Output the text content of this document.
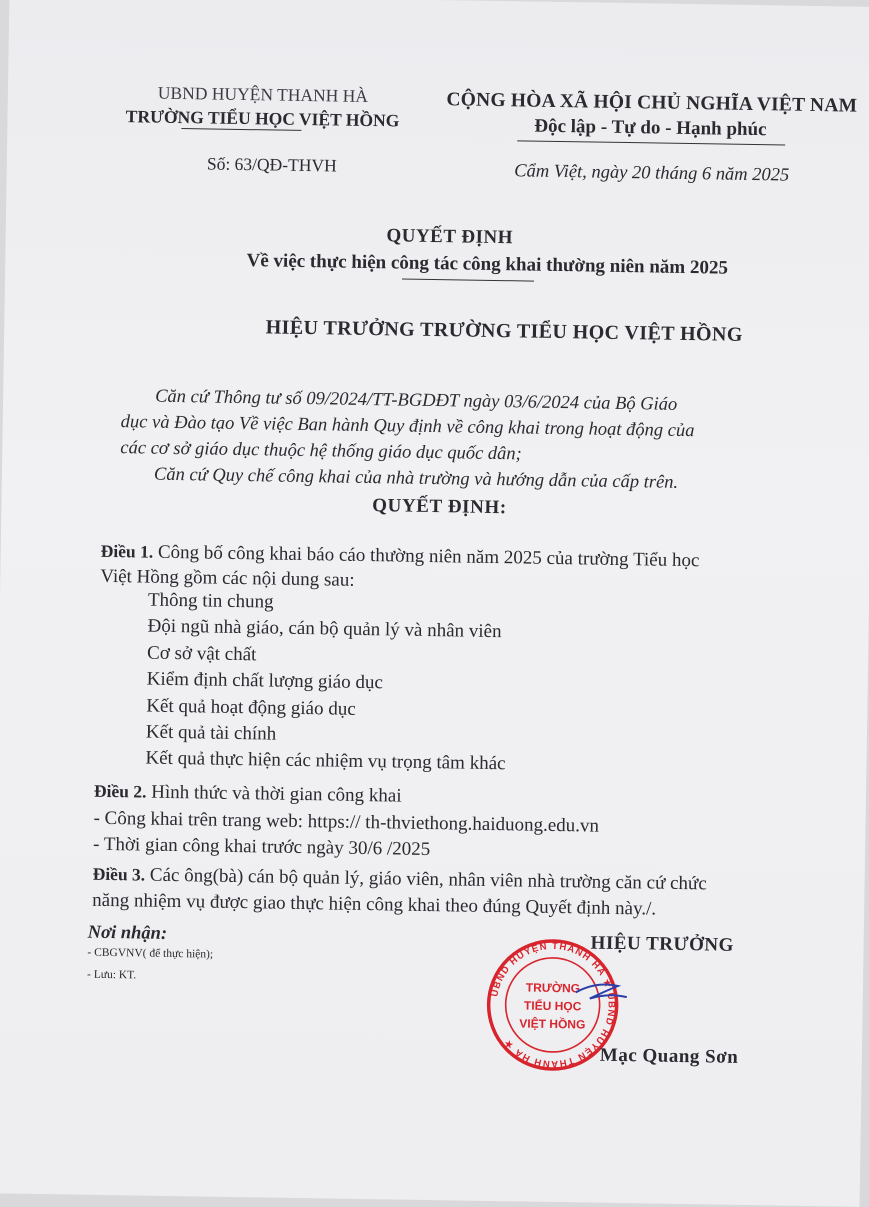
UBND HUYỆN THANH HÀ
TRƯỜNG TIỂU HỌC VIỆT HỒNG
Số: 63/QĐ-THVH
CỘNG HÒA XÃ HỘI CHỦ NGHĨA VIỆT NAM
Độc lập - Tự do - Hạnh phúc
Cẩm Việt, ngày 20 tháng 6 năm 2025
QUYẾT ĐỊNH
Về việc thực hiện công tác công khai thường niên năm 2025
HIỆU TRƯỞNG TRƯỜNG TIỂU HỌC VIỆT HỒNG
Căn cứ Thông tư số 09/2024/TT-BGDĐT ngày 03/6/2024 của Bộ Giáo
dục và Đào tạo Về việc Ban hành Quy định về công khai trong hoạt động của
các cơ sở giáo dục thuộc hệ thống giáo dục quốc dân;
Căn cứ Quy chế công khai của nhà trường và hướng dẫn của cấp trên.
QUYẾT ĐỊNH:
Điều 1. Công bố công khai báo cáo thường niên năm 2025 của trường Tiểu học
Việt Hồng gồm các nội dung sau:
Thông tin chung
Đội ngũ nhà giáo, cán bộ quản lý và nhân viên
Cơ sở vật chất
Kiểm định chất lượng giáo dục
Kết quả hoạt động giáo dục
Kết quả tài chính
Kết quả thực hiện các nhiệm vụ trọng tâm khác
Điều 2. Hình thức và thời gian công khai
- Công khai trên trang web: https:// th-thviethong.haiduong.edu.vn
- Thời gian công khai trước ngày 30/6 /2025
Điều 3. Các ông(bà) cán bộ quản lý, giáo viên, nhân viên nhà trường căn cứ chức
năng nhiệm vụ được giao thực hiện công khai theo đúng Quyết định này./.
Nơi nhận:
- CBGVNV( để thực hiện);
- Lưu: KT.
HIỆU TRƯỞNG
UBND HUYỆN THANH HÀ ★ UBND HUYỆN THANH HÀ ★
TRƯỜNG
TIỂU HỌC
VIỆT HỒNG
Mạc Quang Sơn
